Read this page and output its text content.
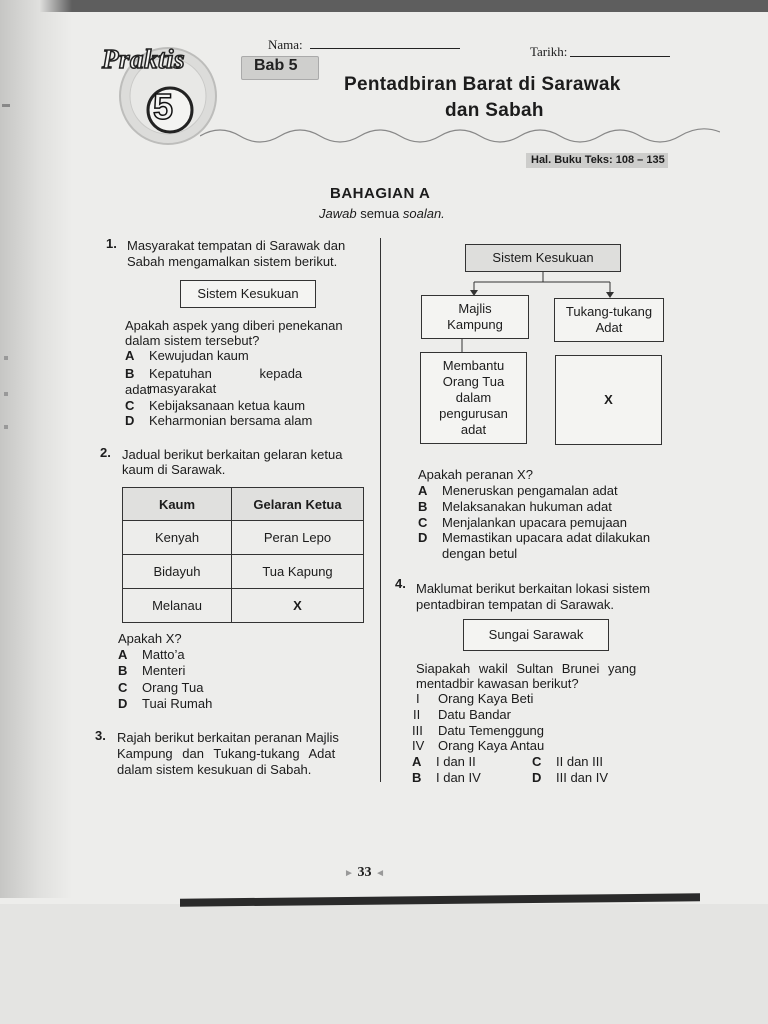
Praktis
5
Nama:	Tarikh:
Bab 5
Pentadbiran Barat di Sarawak
dan Sabah
Hal. Buku Teks: 108 – 135
BAHAGIAN A
Jawab semua soalan.
1. Masyarakat tempatan di Sarawak dan
Sabah mengamalkan sistem berikut.
Sistem Kesukuan
Apakah aspek yang diberi penekanan
dalam sistem tersebut?
A Kewujudan kaum
B Kepatuhan kepada adat
masyarakat
C Kebijaksanaan ketua kaum
D Keharmonian bersama alam
2. Jadual berikut berkaitan gelaran ketua
kaum di Sarawak.
Kaum	Gelaran Ketua
Kenyah	Peran Lepo
Bidayuh	Tua Kapung
Melanau	X
Apakah X?
A Matto’a
B Menteri
C Orang Tua
D Tuai Rumah
3. Rajah berikut berkaitan peranan Majlis
Kampung dan Tukang-tukang Adat
dalam sistem kesukuan di Sabah.
Sistem Kesukuan
Majlis
Kampung
Tukang-tukang
Adat
Membantu
Orang Tua
dalam
pengurusan
adat
X
Apakah peranan X?
A Meneruskan pengamalan adat
B Melaksanakan hukuman adat
C Menjalankan upacara pemujaan
D Memastikan upacara adat dilakukan
dengan betul
4. Maklumat berikut berkaitan lokasi sistem
pentadbiran tempatan di Sarawak.
Sungai Sarawak
Siapakah wakil Sultan Brunei yang
mentadbir kawasan berikut?
I Orang Kaya Beti
II Datu Bandar
III Datu Temenggung
IV Orang Kaya Antau
A I dan II
B I dan IV
C II dan III
D III dan IV
► 33 ◄
